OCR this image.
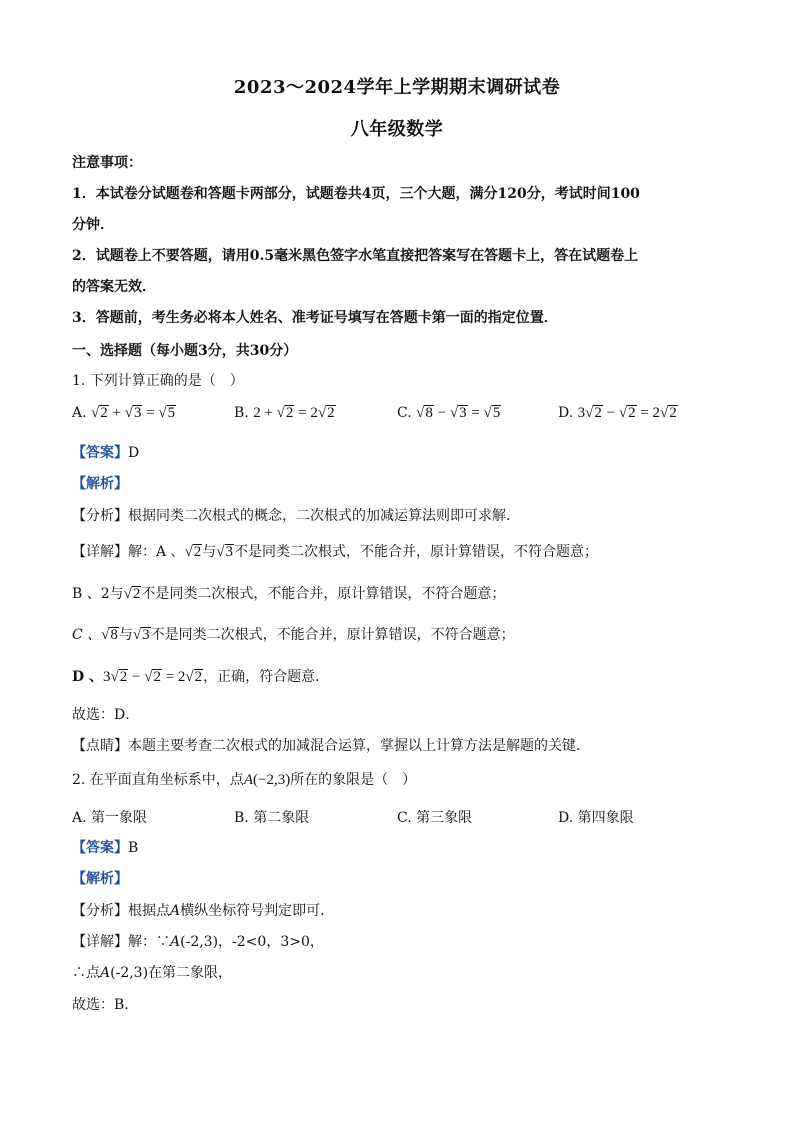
2023～2024学年上学期期末调研试卷
八年级数学
注意事项：
1．本试卷分试题卷和答题卡两部分，试题卷共4页，三个大题，满分120分，考试时间100
分钟．
2．试题卷上不要答题，请用0.5毫米黑色签字水笔直接把答案写在答题卡上，答在试题卷上
的答案无效．
3．答题前，考生务必将本人姓名、准考证号填写在答题卡第一面的指定位置．
一、选择题（每小题3分，共30分）
1. 下列计算正确的是（　）
A. √2 + √3 = √5	B. 2 + √2 = 2√2	C. √8 − √3 = √5	D. 3√2 − √2 = 2√2
【答案】D
【解析】
【分析】根据同类二次根式的概念，二次根式的加减运算法则即可求解．
【详解】解：A 、√2与√3不是同类二次根式，不能合并，原计算错误，不符合题意；
B 、2与√2不是同类二次根式，不能合并，原计算错误，不符合题意；
C 、√8与√3不是同类二次根式，不能合并，原计算错误，不符合题意；
D 、3√2 − √2 = 2√2，正确，符合题意．
故选：D．
【点睛】本题主要考查二次根式的加减混合运算，掌握以上计算方法是解题的关键．
2. 在平面直角坐标系中，点A(−2,3)所在的象限是（　）
A. 第一象限	B. 第二象限	C. 第三象限	D. 第四象限
【答案】B
【解析】
【分析】根据点A横纵坐标符号判定即可．
【详解】解：∵A(-2,3)，-2<0，3>0，
∴点A(-2,3)在第二象限，
故选：B．
